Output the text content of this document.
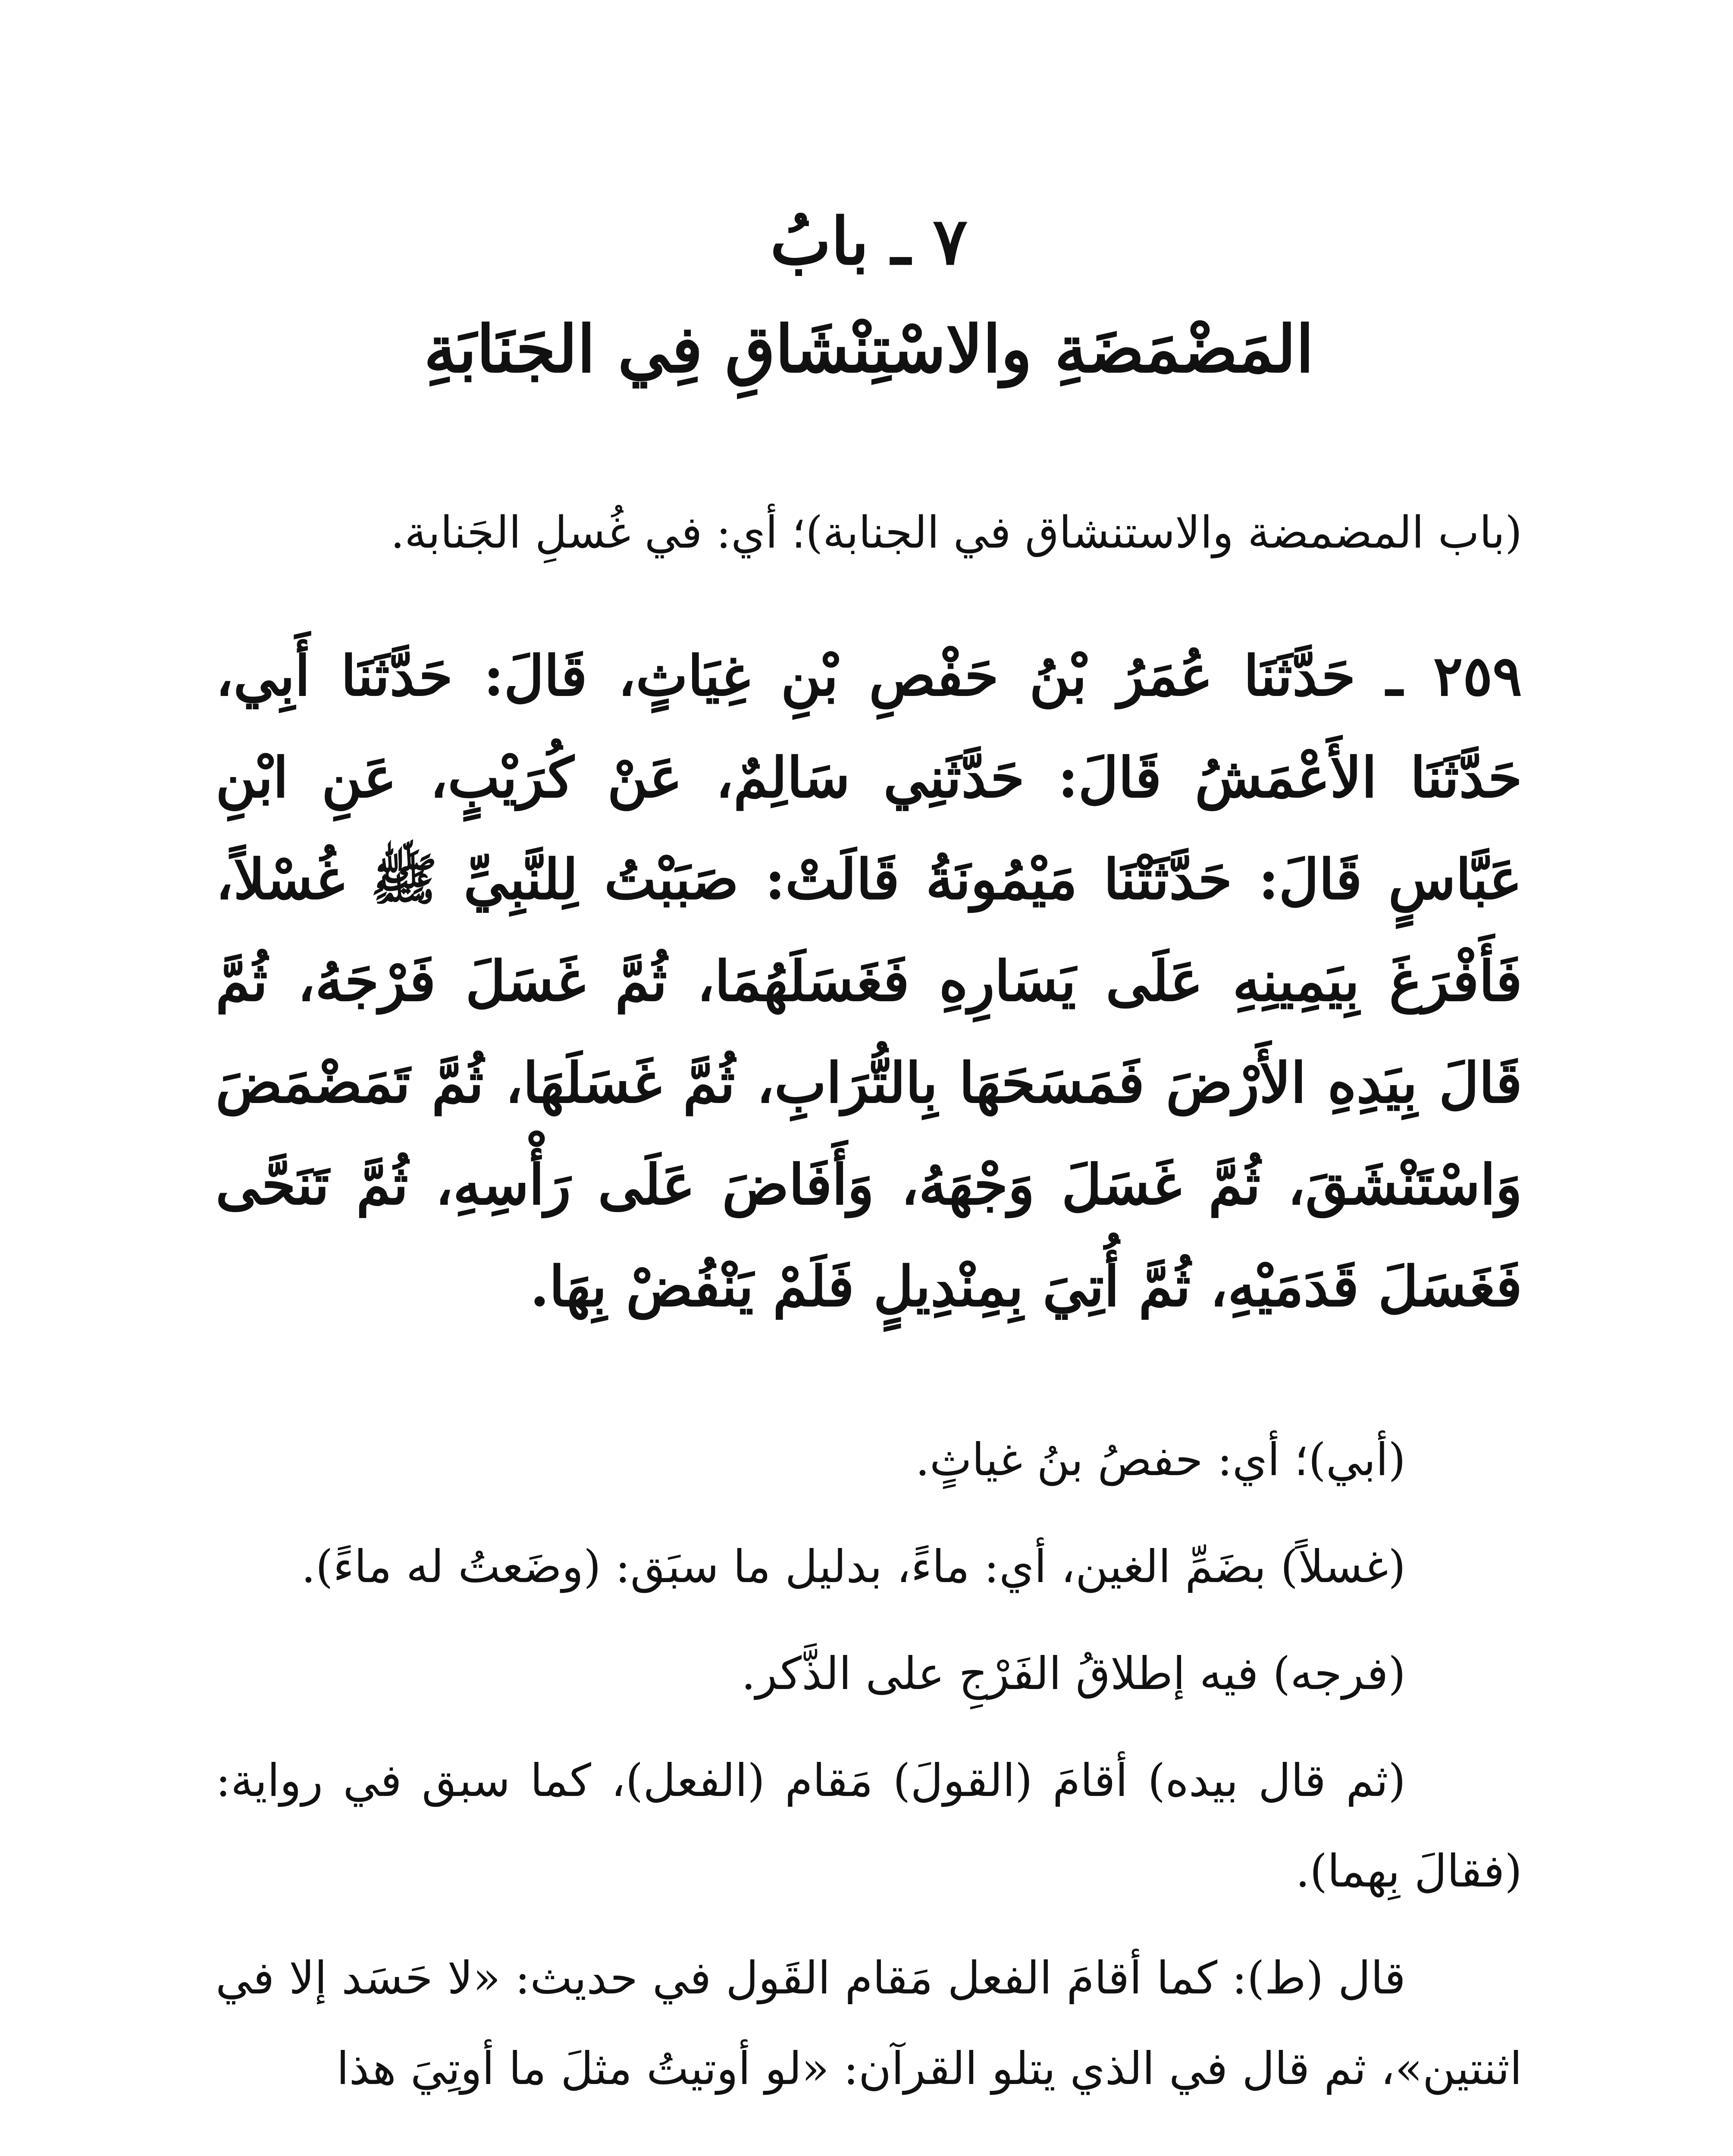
٧ ـ بابُ
المَضْمَضَةِ والاسْتِنْشَاقِ فِي الجَنَابَةِ

(باب المضمضة والاستنشاق في الجنابة)؛ أي: في غُسلِ الجَنابة.

٢٥٩ ـ حَدَّثَنَا عُمَرُ بْنُ حَفْصِ بْنِ غِيَاثٍ، قَالَ: حَدَّثَنَا أَبِي، حَدَّثَنَا الأَعْمَشُ قَالَ: حَدَّثَنِي سَالِمٌ، عَنْ كُرَيْبٍ، عَنِ ابْنِ عَبَّاسٍ قَالَ: حَدَّثَتْنَا مَيْمُونَةُ قَالَتْ: صَبَبْتُ لِلنَّبِيِّ ﷺ غُسْلاً، فَأَفْرَغَ بِيَمِينِهِ عَلَى يَسَارِهِ فَغَسَلَهُمَا، ثُمَّ غَسَلَ فَرْجَهُ، ثُمَّ قَالَ بِيَدِهِ الأَرْضَ فَمَسَحَهَا بِالتُّرَابِ، ثُمَّ غَسَلَهَا، ثُمَّ تَمَضْمَضَ وَاسْتَنْشَقَ، ثُمَّ غَسَلَ وَجْهَهُ، وَأَفَاضَ عَلَى رَأْسِهِ، ثُمَّ تَنَحَّى فَغَسَلَ قَدَمَيْهِ، ثُمَّ أُتِيَ بِمِنْدِيلٍ فَلَمْ يَنْفُضْ بِهَا.

(أبي)؛ أي: حفصُ بنُ غياثٍ.

(غسلاً) بضَمِّ الغين، أي: ماءً، بدليل ما سبَق: (وضَعتُ له ماءً).

(فرجه) فيه إطلاقُ الفَرْجِ على الذَّكر.

(ثم قال بيده) أقامَ (القولَ) مَقام (الفعل)، كما سبق في رواية: (فقالَ بِهما).

قال (ط): كما أقامَ الفعل مَقام القَول في حديث: «لا حَسَد إلا في اثنتين»، ثم قال في الذي يتلو القرآن: «لو أوتيتُ مثلَ ما أوتِيَ هذا
